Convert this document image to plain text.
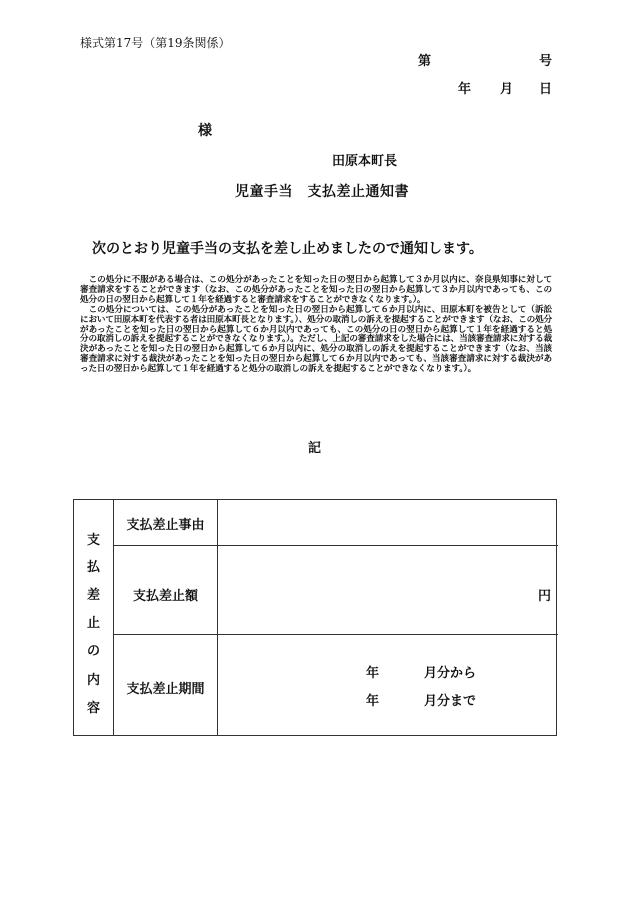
様式第17号（第19条関係）
第	号
年 月 日
様
田原本町長
児童手当　支払差止通知書
次のとおり児童手当の支払を差し止めましたので通知します。

この処分に不服がある場合は、この処分があったことを知った日の翌日から起算して３か月以内に、奈良県知事に対して審査請求をすることができます（なお、この処分があったことを知った日の翌日から起算して３か月以内であっても、この処分の日の翌日から起算して１年を経過すると審査請求をすることができなくなります。）。

この処分については、この処分があったことを知った日の翌日から起算して６か月以内に、田原本町を被告として（訴訟において田原本町を代表する者は田原本町長となります。）、処分の取消しの訴えを提起することができます（なお、この処分があったことを知った日の翌日から起算して６か月以内であっても、この処分の日の翌日から起算して１年を経過すると処分の取消しの訴えを提起することができなくなります。）。ただし、上記の審査請求をした場合には、当該審査請求に対する裁決があったことを知った日の翌日から起算して６か月以内に、処分の取消しの訴えを提起することができます（なお、当該審査請求に対する裁決があったことを知った日の翌日から起算して６か月以内であっても、当該審査請求に対する裁決があった日の翌日から起算して１年を経過すると処分の取消しの訴えを提起することができなくなります。）。

記
支
払
差
止
の
内
容
支払差止事由
支払差止額	円
支払差止期間
年	月分から
年	月分まで
